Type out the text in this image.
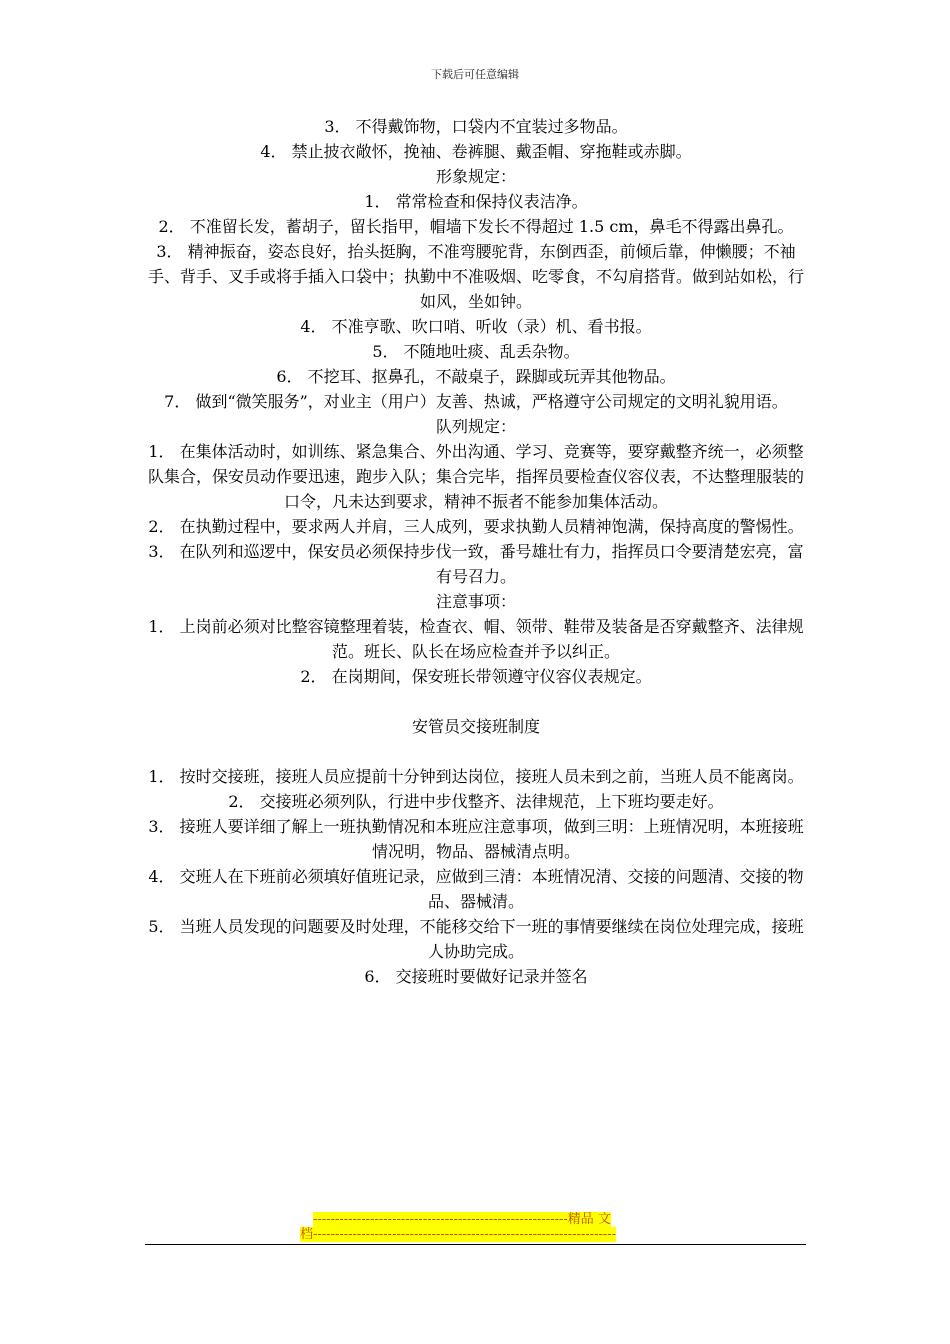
下载后可任意编辑

3． 不得戴饰物，口袋内不宜装过多物品。

4． 禁止披衣敞怀，挽袖、卷裤腿、戴歪帽、穿拖鞋或赤脚。

形象规定：

1． 常常检查和保持仪表洁净。

2． 不准留长发，蓄胡子，留长指甲，帽墙下发长不得超过 1.5 cm，鼻毛不得露出鼻孔。

3． 精神振奋，姿态良好，抬头挺胸，不准弯腰驼背，东倒西歪，前倾后靠，伸懒腰；不袖手、背手、叉手或将手插入口袋中；执勤中不准吸烟、吃零食，不勾肩搭背。做到站如松，行如风，坐如钟。

4． 不准亨歌、吹口哨、听收（录）机、看书报。

5． 不随地吐痰、乱丢杂物。

6． 不挖耳、抠鼻孔，不敲桌子，跺脚或玩弄其他物品。

7． 做到“微笑服务”，对业主（用户）友善、热诚，严格遵守公司规定的文明礼貌用语。

队列规定：

1． 在集体活动时，如训练、紧急集合、外出沟通、学习、竞赛等，要穿戴整齐统一，必须整队集合，保安员动作要迅速，跑步入队；集合完毕，指挥员要检查仪容仪表，不达整理服装的口令，凡未达到要求，精神不振者不能参加集体活动。

2． 在执勤过程中，要求两人并肩，三人成列，要求执勤人员精神饱满，保持高度的警惕性。

3． 在队列和巡逻中，保安员必须保持步伐一致，番号雄壮有力，指挥员口令要清楚宏亮，富有号召力。

注意事项：

1． 上岗前必须对比整容镜整理着装，检查衣、帽、领带、鞋带及装备是否穿戴整齐、法律规范。班长、队长在场应检查并予以纠正。

2． 在岗期间，保安班长带领遵守仪容仪表规定。

安管员交接班制度

1． 按时交接班，接班人员应提前十分钟到达岗位，接班人员未到之前，当班人员不能离岗。

2． 交接班必须列队，行进中步伐整齐、法律规范，上下班均要走好。

3． 接班人要详细了解上一班执勤情况和本班应注意事项，做到三明：上班情况明，本班接班情况明，物品、器械清点明。

4． 交班人在下班前必须填好值班记录，应做到三清：本班情况清、交接的问题清、交接的物品、器械清。

5． 当班人员发现的问题要及时处理，不能移交给下一班的事情要继续在岗位处理完成，接班人协助完成。

6． 交接班时要做好记录并签名

----------------------------------------------------------精品 文
档---------------------------------------------------------------------
